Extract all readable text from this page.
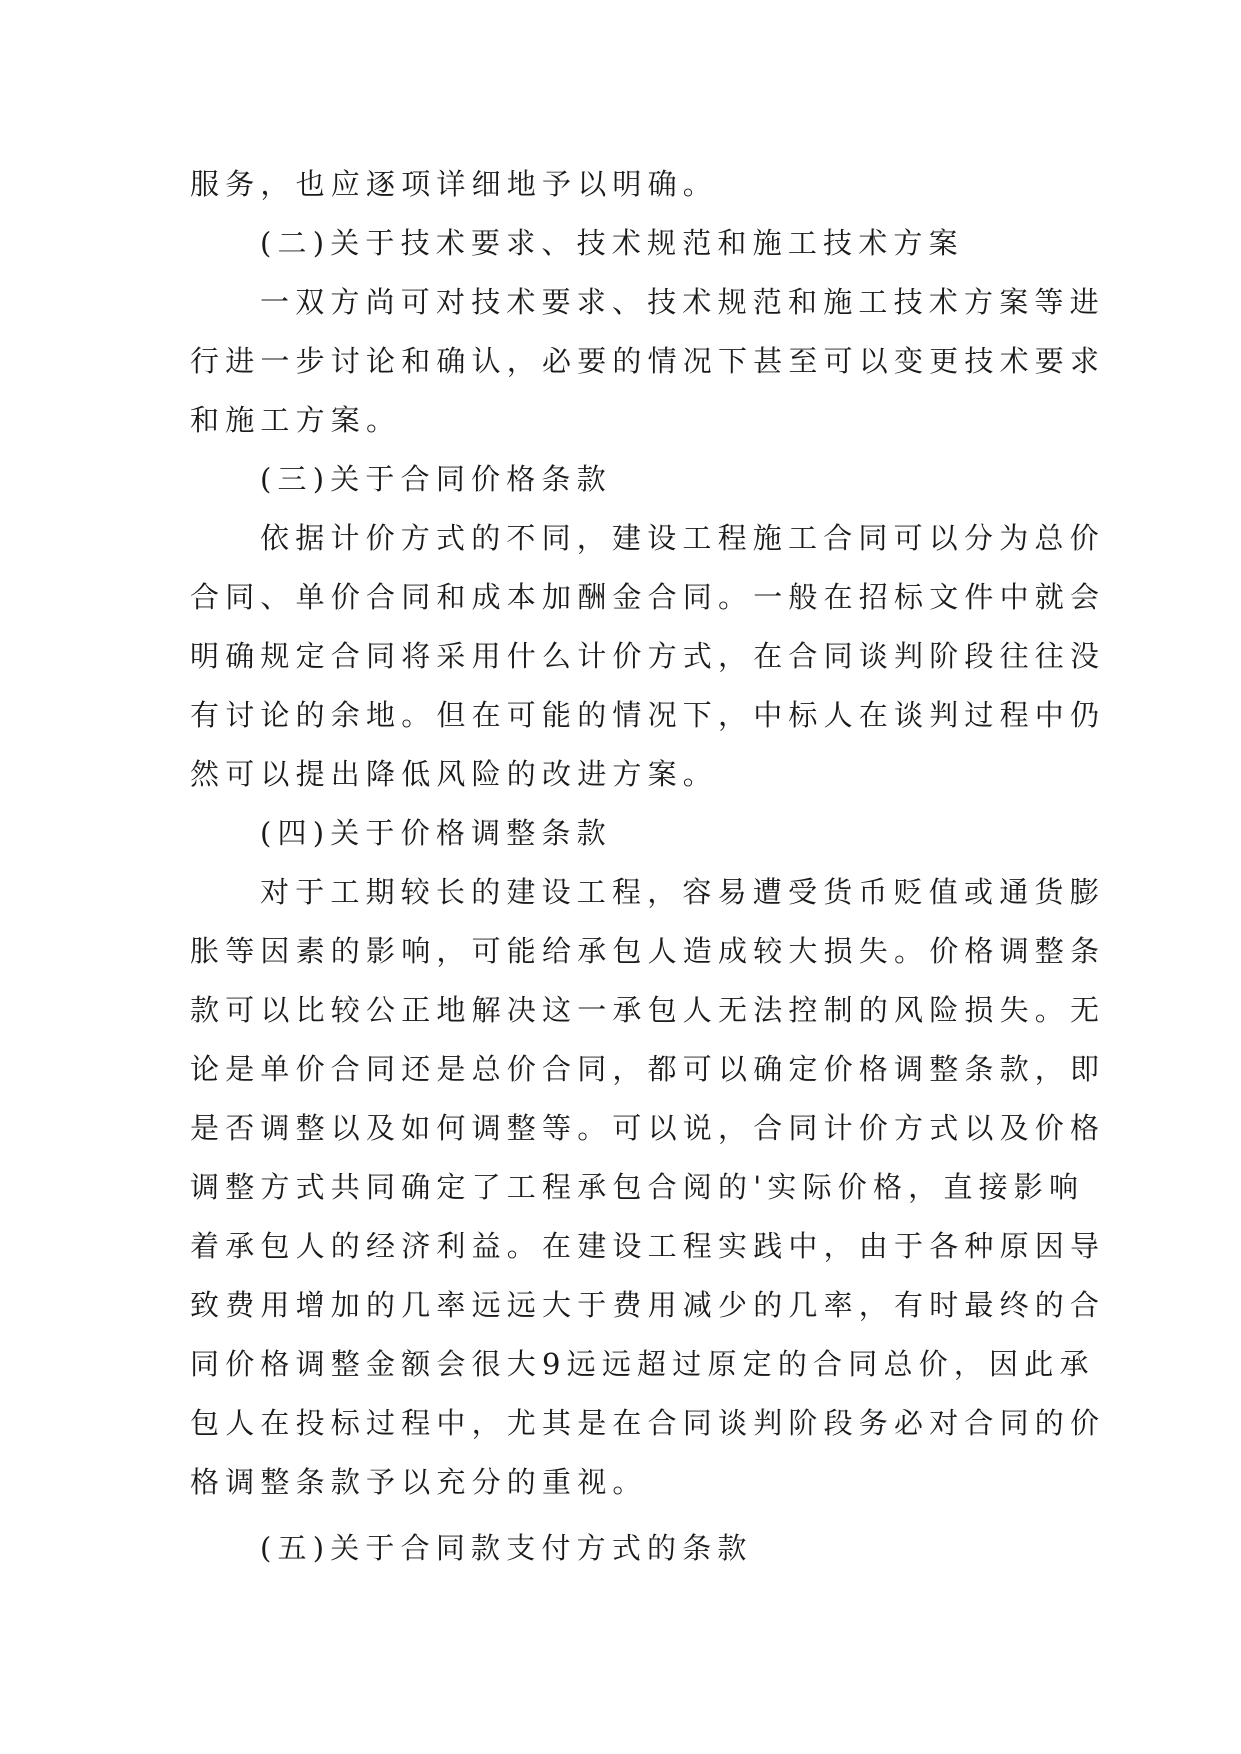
服务，也应逐项详细地予以明确。

(二)关于技术要求、技术规范和施工技术方案

一双方尚可对技术要求、技术规范和施工技术方案等进

行进一步讨论和确认，必要的情况下甚至可以变更技术要求

和施工方案。

(三)关于合同价格条款

依据计价方式的不同，建设工程施工合同可以分为总价

合同、单价合同和成本加酬金合同。一般在招标文件中就会

明确规定合同将采用什么计价方式，在合同谈判阶段往往没

有讨论的余地。但在可能的情况下，中标人在谈判过程中仍

然可以提出降低风险的改进方案。

(四)关于价格调整条款

对于工期较长的建设工程，容易遭受货币贬值或通货膨

胀等因素的影响，可能给承包人造成较大损失。价格调整条

款可以比较公正地解决这一承包人无法控制的风险损失。无

论是单价合同还是总价合同，都可以确定价格调整条款，即

是否调整以及如何调整等。可以说，合同计价方式以及价格

调整方式共同确定了工程承包合阅的'实际价格，直接影响

着承包人的经济利益。在建设工程实践中，由于各种原因导

致费用增加的几率远远大于费用减少的几率，有时最终的合

同价格调整金额会很大9远远超过原定的合同总价，因此承

包人在投标过程中，尤其是在合同谈判阶段务必对合同的价

格调整条款予以充分的重视。

(五)关于合同款支付方式的条款
